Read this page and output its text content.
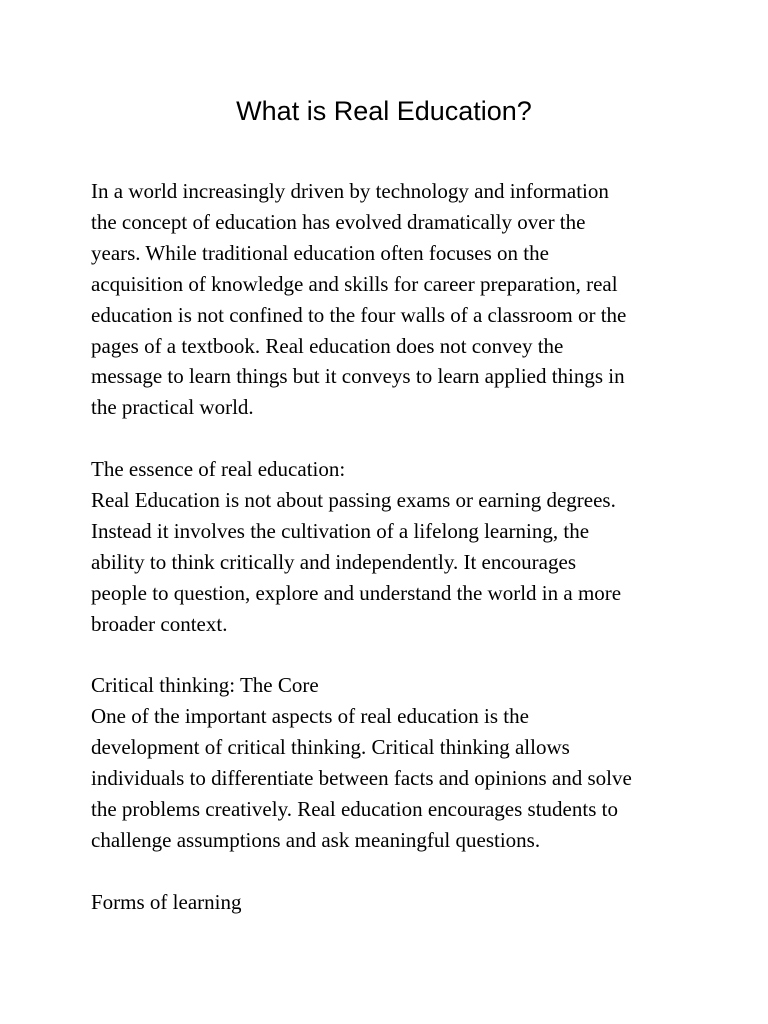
What is Real Education?

In a world increasingly driven by technology and information
the concept of education has evolved dramatically over the
years. While traditional education often focuses on the
acquisition of knowledge and skills for career preparation, real
education is not confined to the four walls of a classroom or the
pages of a textbook. Real education does not convey the
message to learn things but it conveys to learn applied things in
the practical world.

The essence of real education:
Real Education is not about passing exams or earning degrees.
Instead it involves the cultivation of a lifelong learning, the
ability to think critically and independently. It encourages
people to question, explore and understand the world in a more
broader context.

Critical thinking: The Core
One of the important aspects of real education is the
development of critical thinking. Critical thinking allows
individuals to differentiate between facts and opinions and solve
the problems creatively. Real education encourages students to
challenge assumptions and ask meaningful questions.

Forms of learning
